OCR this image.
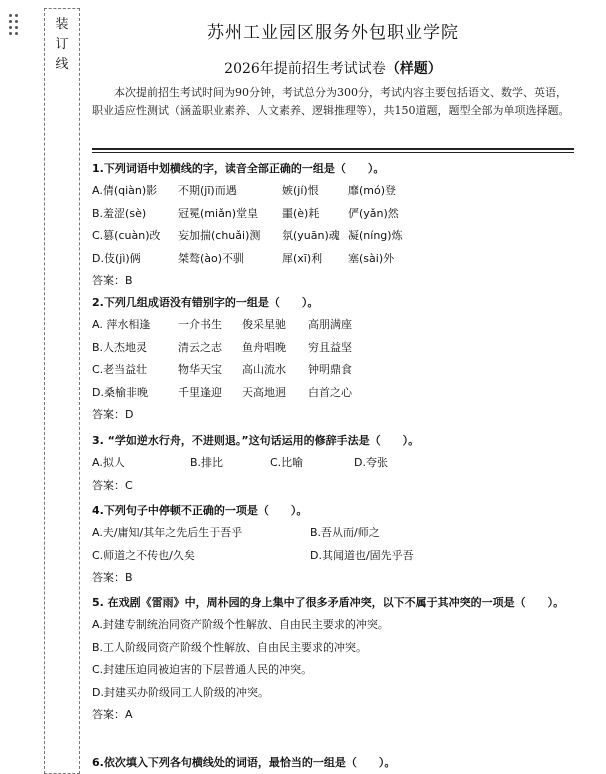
装
订
线
苏州工业园区服务外包职业学院
2026年提前招生考试试卷（样题）
本次提前招生考试时间为90分钟，考试总分为300分，考试内容主要包括语文、数学、英语，职业适应性测试（涵盖职业素养、人文素养、逻辑推理等），共150道题，题型全部为单项选择题。
1.下列词语中划横线的字，读音全部正确的一组是（　　）。
A.倩(qiàn)影 不期(jī)而遇	嫉(jí)恨	靡(mó)登
B.羞涩(sè)	冠冕(miǎn)堂皇 噩(è)耗	俨(yǎn)然
C.篡(cuàn)改 妄加揣(chuǎi)测 氛(yuān)魂 凝(níng)炼
D.伎(jì)俩	桀骜(ào)不驯	犀(xī)利 塞(sài)外
答案：B
2.下列几组成语没有错别字的一组是（　　）。
A. 萍水相逢	一介书生 俊采星驰 高朋满座
B.人杰地灵	清云之志 鱼舟唱晚 穷且益坚
C.老当益壮	物华天宝 高山流水 钟明鼎食
D.桑榆非晚	千里逢迎 天高地迥 白首之心
答案：D
3. “学如逆水行舟，不进则退。”这句话运用的修辞手法是（　　）。
A.拟人	B.排比	C.比喻	D.夸张
答案：C
4.下列句子中停顿不正确的一项是（　　）。
A.夫/庸知/其年之先后生于吾乎	B.吾从而/师之
C.师道之不传也/久矣	D.其闻道也/固先乎吾
答案：B
5. 在戏剧《雷雨》中，周朴园的身上集中了很多矛盾冲突，以下不属于其冲突的一项是（　　）。
A.封建专制统治同资产阶级个性解放、自由民主要求的冲突。
B.工人阶级同资产阶级个性解放、自由民主要求的冲突。
C.封建压迫同被迫害的下层普通人民的冲突。
D.封建买办阶级同工人阶级的冲突。
答案：A
6.依次填入下列各句横线处的词语，最恰当的一组是（　　）。
